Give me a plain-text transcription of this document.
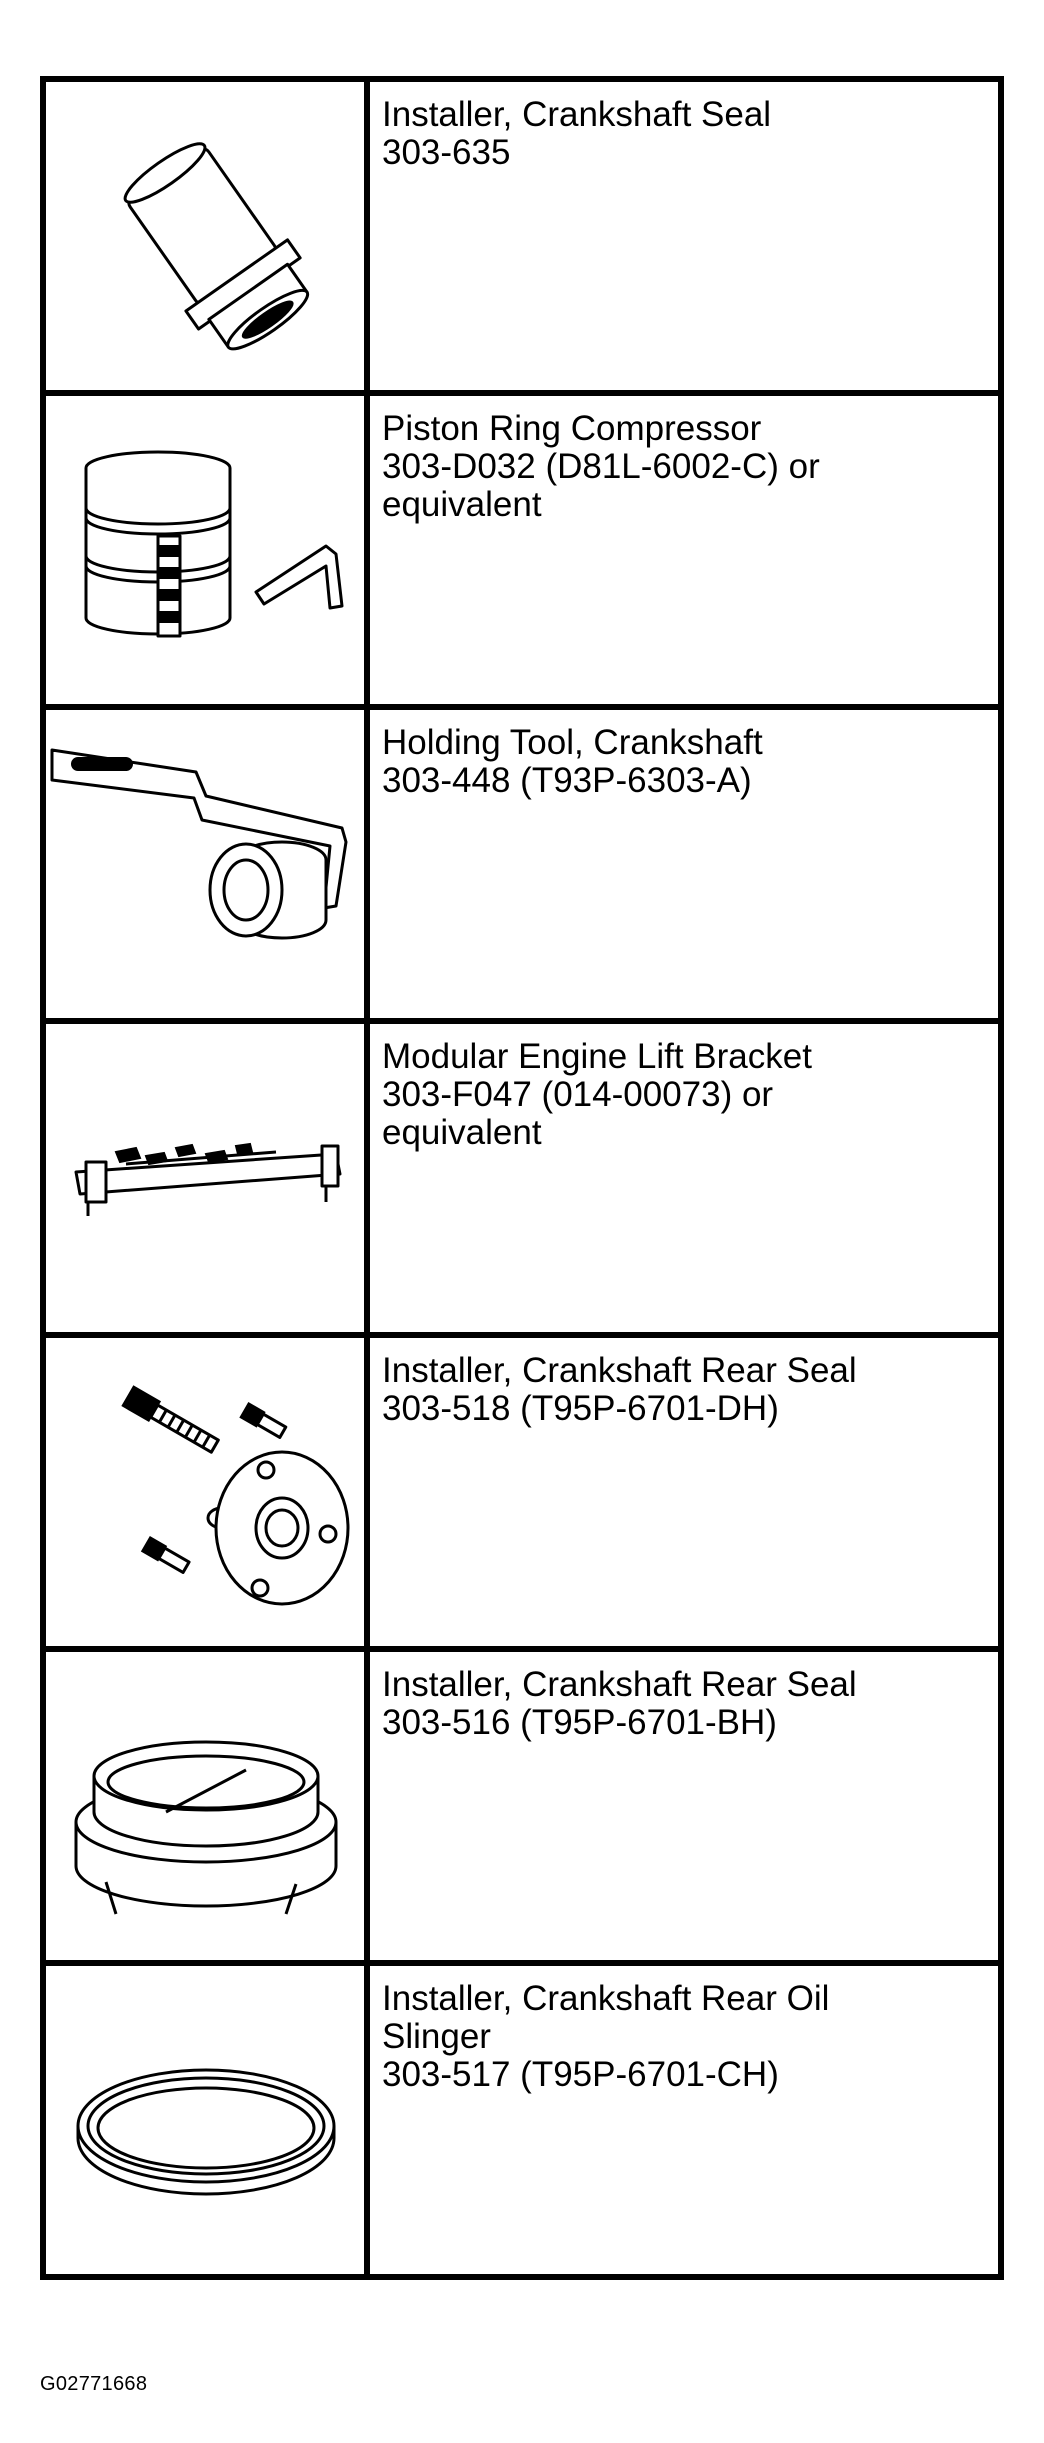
Installer, Crankshaft Seal
303-635

Piston Ring Compressor
303-D032 (D81L-6002-C) or
equivalent

Holding Tool, Crankshaft
303-448 (T93P-6303-A)

Modular Engine Lift Bracket
303-F047 (014-00073) or
equivalent

Installer, Crankshaft Rear Seal
303-518 (T95P-6701-DH)

Installer, Crankshaft Rear Seal
303-516 (T95P-6701-BH)

Installer, Crankshaft Rear Oil
Slinger
303-517 (T95P-6701-CH)
G02771668
